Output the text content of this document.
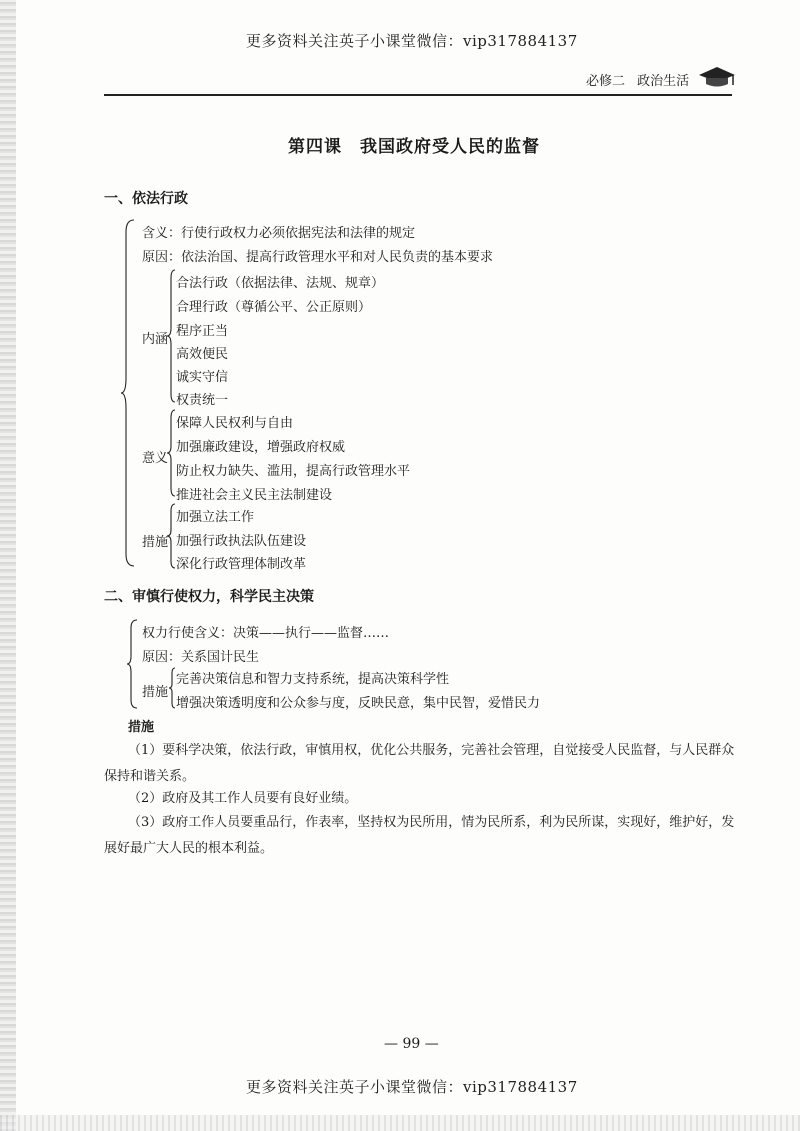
更多资料关注英子小课堂微信：vip317884137
必修二 政治生活
第四课　我国政府受人民的监督
一、依法行政
含义：行使行政权力必须依据宪法和法律的规定
原因：依法治国、提高行政管理水平和对人民负责的基本要求
内涵
合法行政（依据法律、法规、规章）
合理行政（尊循公平、公正原则）
程序正当
高效便民
诚实守信
权责统一
意义
保障人民权利与自由
加强廉政建设，增强政府权威
防止权力缺失、滥用，提高行政管理水平
推进社会主义民主法制建设
措施
加强立法工作
加强行政执法队伍建设
深化行政管理体制改革
二、审慎行使权力，科学民主决策
权力行使含义：决策——执行——监督……
原因：关系国计民生
措施
完善决策信息和智力支持系统，提高决策科学性
增强决策透明度和公众参与度，反映民意，集中民智，爱惜民力
措施
（1）要科学决策，依法行政，审慎用权，优化公共服务，完善社会管理，自觉接受人民监督，与人民群众保持和谐关系。
（2）政府及其工作人员要有良好业绩。
（3）政府工作人员要重品行，作表率，坚持权为民所用，情为民所系，利为民所谋，实现好，维护好，发展好最广大人民的根本利益。
— 99 —
更多资料关注英子小课堂微信：vip317884137
